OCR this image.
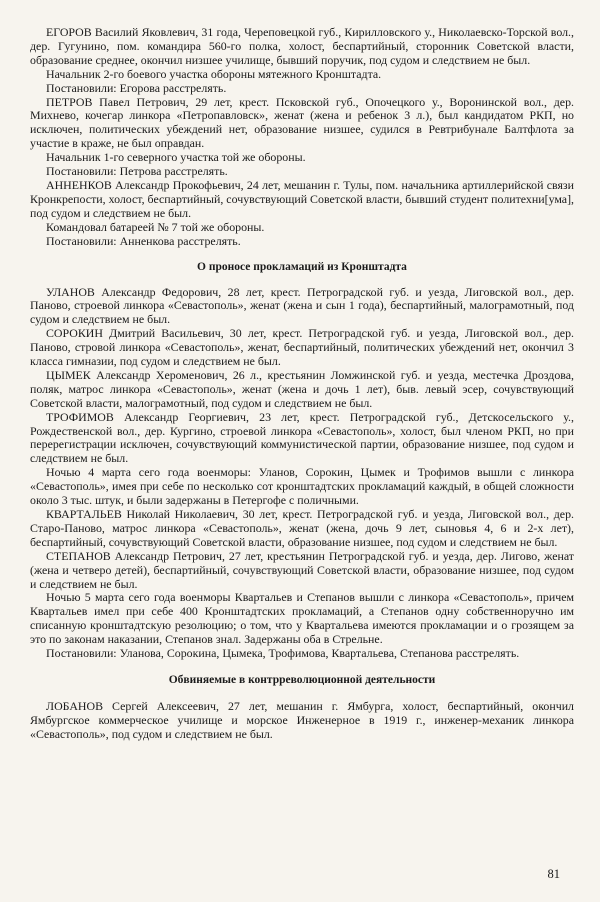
ЕГОРОВ Василий Яковлевич, 31 года, Череповецкой губ., Кирилловского у., Николаевско-Торской вол., дер. Гугунино, пом. командира 560-го полка, холост, беспартийный, сторонник Советской власти, образование среднее, окончил низшее училище, бывший поручик, под судом и следствием не был.

Начальник 2-го боевого участка обороны мятежного Кронштадта.

Постановили: Егорова расстрелять.

ПЕТРОВ Павел Петрович, 29 лет, крест. Псковской губ., Опочецкого у., Воронинской вол., дер. Михнево, кочегар линкора «Петропавловск», женат (жена и ребенок 3 л.), был кандидатом РКП, но исключен, политических убеждений нет, образование низшее, судился в Ревтрибунале Балтфлота за участие в краже, не был оправдан.

Начальник 1-го северного участка той же обороны.

Постановили: Петрова расстрелять.

АННЕНКОВ Александр Прокофьевич, 24 лет, мешанин г. Тулы, пом. начальника артиллерийской связи Кронкрепости, холост, беспартийный, сочувствующий Советской власти, бывший студент политехни[ума], под судом и следствием не был.

Командовал батареей № 7 той же обороны.

Постановили: Анненкова расстрелять.

О проносе прокламаций из Кронштадта

УЛАНОВ Александр Федорович, 28 лет, крест. Петроградской губ. и уезда, Лиговской вол., дер. Паново, строевой линкора «Севастополь», женат (жена и сын 1 года), беспартийный, малограмотный, под судом и следствием не был.

СОРОКИН Дмитрий Васильевич, 30 лет, крест. Петроградской губ. и уезда, Лиговской вол., дер. Паново, стровой линкора «Севастополь», женат, беспартийный, политических убеждений нет, окончил 3 класса гимназии, под судом и следствием не был.

ЦЫМЕК Александр Хероменович, 26 л., крестьянин Ломжинской губ. и уезда, местечка Дроздова, поляк, матрос линкора «Севастополь», женат (жена и дочь 1 лет), быв. левый эсер, сочувствующий Советской власти, малограмотный, под судом и следствием не был.

ТРОФИМОВ Александр Георгиевич, 23 лет, крест. Петроградской губ., Детскосельского у., Рождественской вол., дер. Кургино, строевой линкора «Севастополь», холост, был членом РКП, но при перерегистрации исключен, сочувствующий коммунистической партии, образование низшее, под судом и следствием не был.

Ночью 4 марта сего года военморы: Уланов, Сорокин, Цымек и Трофимов вышли с линкора «Севастополь», имея при себе по несколько сот кронштадтских прокламаций каждый, в общей сложности около 3 тыс. штук, и были задержаны в Петергофе с поличными.

КВАРТАЛЬЕВ Николай Николаевич, 30 лет, крест. Петроградской губ. и уезда, Лиговской вол., дер. Старо-Паново, матрос линкора «Севастополь», женат (жена, дочь 9 лет, сыновья 4, 6 и 2-х лет), беспартийный, сочувствующий Советской власти, образование низшее, под судом и следствием не был.

СТЕПАНОВ Александр Петрович, 27 лет, крестьянин Петроградской губ. и уезда, дер. Лигово, женат (жена и четверо детей), беспартийный, сочувствующий Советской власти, образование низшее, под судом и следствием не был.

Ночью 5 марта сего года военморы Квартальев и Степанов вышли с линкора «Севастополь», причем Квартальев имел при себе 400 Кронштадтских прокламаций, а Степанов одну собственноручно им списанную кронштадтскую резолюцию; о том, что у Квартальева имеются прокламации и о грозящем за это по законам наказании, Степанов знал. Задержаны оба в Стрельне.

Постановили: Уланова, Сорокина, Цымека, Трофимова, Квартальева, Степанова расстрелять.

Обвиняемые в контрреволюционной деятельности

ЛОБАНОВ Сергей Алексеевич, 27 лет, мешанин г. Ямбурга, холост, беспартийный, окончил Ямбургское коммерческое училище и морское Инженерное в 1919 г., инженер-механик линкора «Севастополь», под судом и следствием не был.

81
